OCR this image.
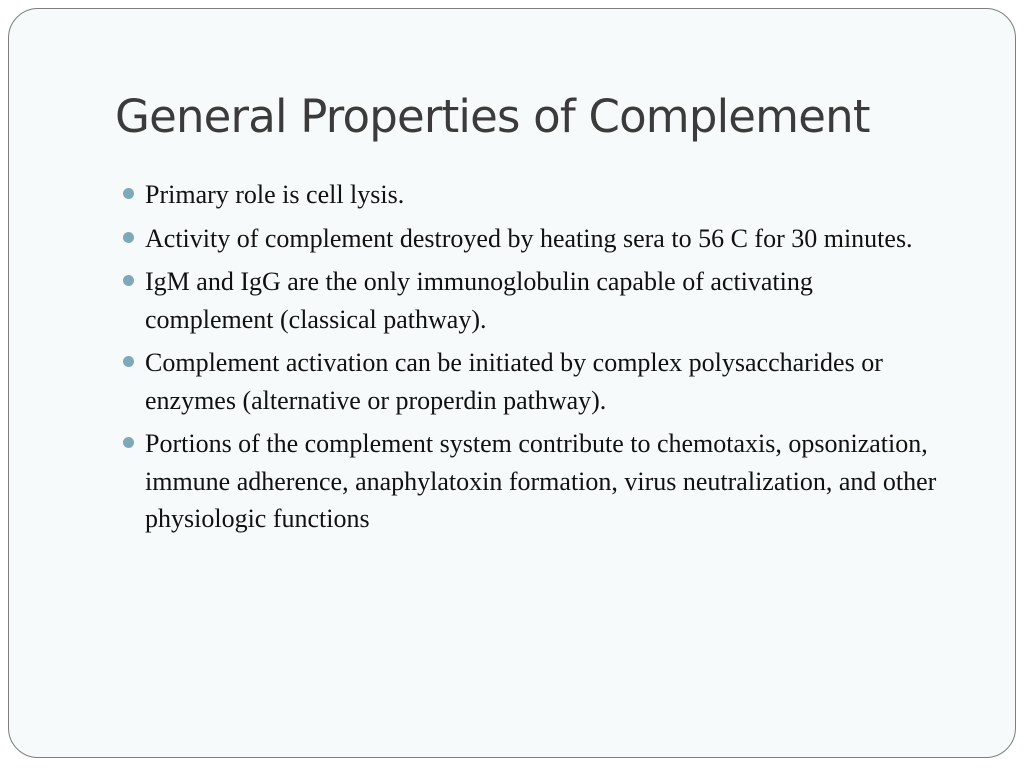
General Properties of Complement
Primary role is cell lysis.
Activity of complement destroyed by heating sera to 56 C for 30 minutes.
IgM and IgG are the only immunoglobulin capable of activating complement (classical pathway).
Complement activation can be initiated by complex polysaccharides or enzymes (alternative or properdin pathway).
Portions of the complement system contribute to chemotaxis, opsonization, immune adherence, anaphylatoxin formation, virus neutralization, and other physiologic functions
